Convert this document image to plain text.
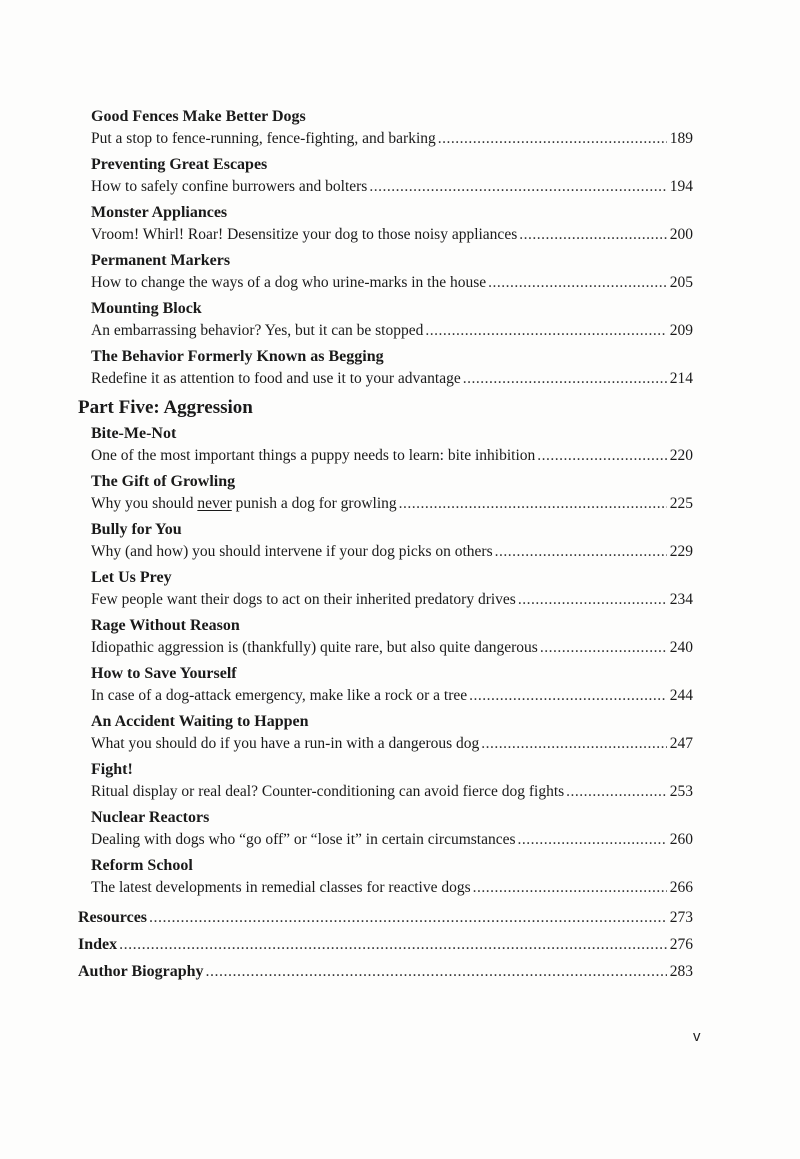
Good Fences Make Better Dogs
Put a stop to fence-running, fence-fighting, and barking .....	189
Preventing Great Escapes
How to safely confine burrowers and bolters .....	194
Monster Appliances
Vroom! Whirl! Roar! Desensitize your dog to those noisy appliances .....	200
Permanent Markers
How to change the ways of a dog who urine-marks in the house .....	205
Mounting Block
An embarrassing behavior? Yes, but it can be stopped .....	209
The Behavior Formerly Known as Begging
Redefine it as attention to food and use it to your advantage .....	214
Part Five: Aggression
Bite-Me-Not
One of the most important things a puppy needs to learn: bite inhibition .....	220
The Gift of Growling
Why you should never punish a dog for growling .....	225
Bully for You
Why (and how) you should intervene if your dog picks on others .....	229
Let Us Prey
Few people want their dogs to act on their inherited predatory drives .....	234
Rage Without Reason
Idiopathic aggression is (thankfully) quite rare, but also quite dangerous .....	240
How to Save Yourself
In case of a dog-attack emergency, make like a rock or a tree .....	244
An Accident Waiting to Happen
What you should do if you have a run-in with a dangerous dog .....	247
Fight!
Ritual display or real deal? Counter-conditioning can avoid fierce dog fights .....	253
Nuclear Reactors
Dealing with dogs who “go off” or “lose it” in certain circumstances .....	260
Reform School
The latest developments in remedial classes for reactive dogs .....	266
Resources .....	273
Index .....	276
Author Biography .....	283
v
